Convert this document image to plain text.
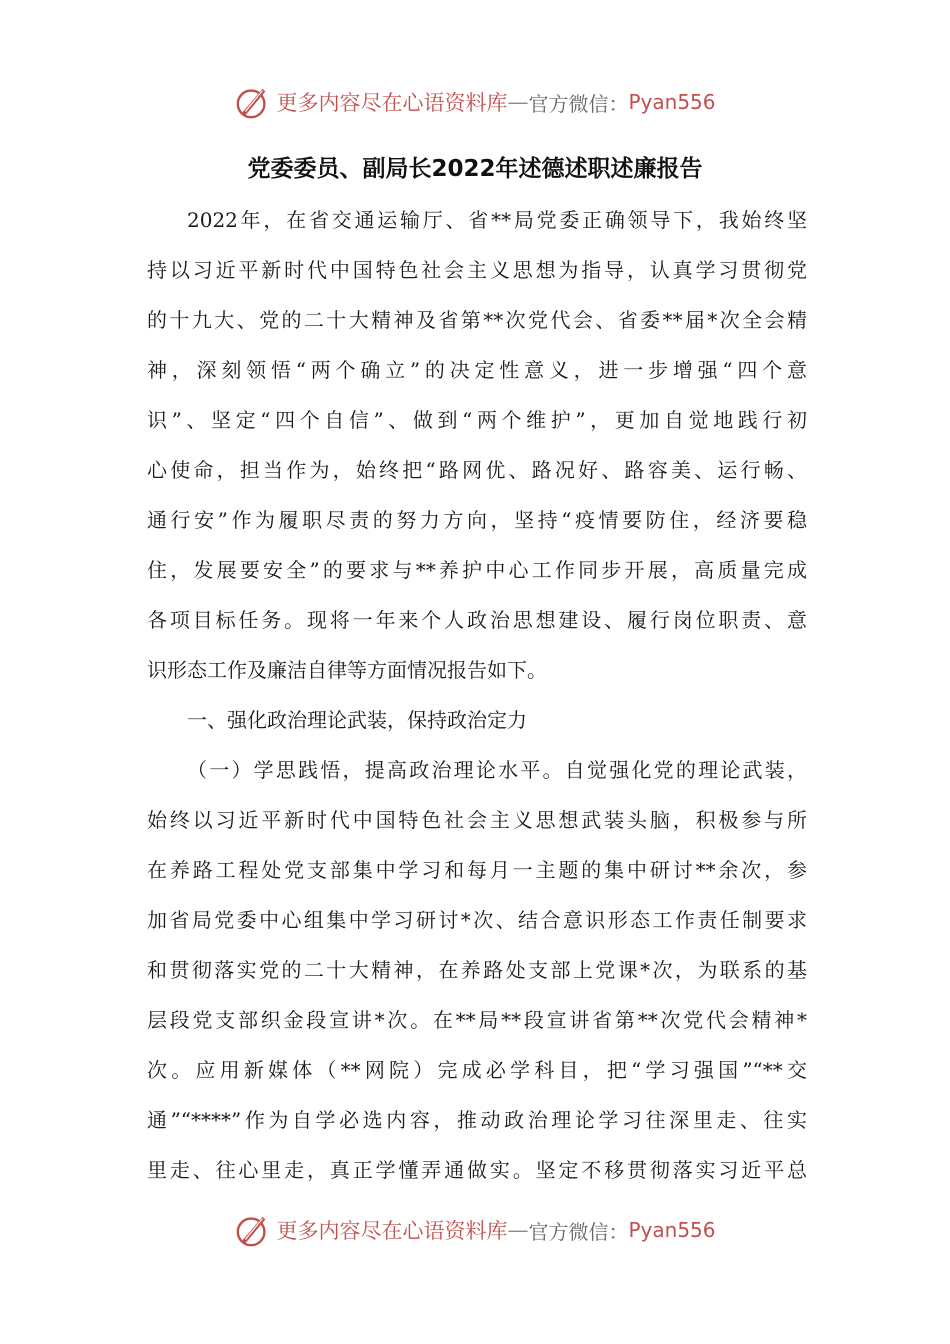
更多内容尽在心语资料库 — 官方微信： Pyan556
党委委员、副局长2022年述德述职述廉报告
2022年，在省交通运输厅、省**局党委正确领导下，我始终坚
持以习近平新时代中国特色社会主义思想为指导，认真学习贯彻党
的十九大、党的二十大精神及省第**次党代会、省委**届*次全会精
神，深刻领悟“两个确立”的决定性意义，进一步增强“四个意
识”、坚定“四个自信”、做到“两个维护”，更加自觉地践行初
心使命，担当作为，始终把“路网优、路况好、路容美、运行畅、
通行安”作为履职尽责的努力方向，坚持“疫情要防住，经济要稳
住，发展要安全”的要求与**养护中心工作同步开展，高质量完成
各项目标任务。现将一年来个人政治思想建设、履行岗位职责、意
识形态工作及廉洁自律等方面情况报告如下。
一、强化政治理论武装，保持政治定力
（一）学思践悟，提高政治理论水平。自觉强化党的理论武装，
始终以习近平新时代中国特色社会主义思想武装头脑，积极参与所
在养路工程处党支部集中学习和每月一主题的集中研讨**余次，参
加省局党委中心组集中学习研讨*次、结合意识形态工作责任制要求
和贯彻落实党的二十大精神，在养路处支部上党课*次，为联系的基
层段党支部织金段宣讲*次。在**局**段宣讲省第**次党代会精神*
次。应用新媒体（**网院）完成必学科目，把“学习强国”“**交
通”“****”作为自学必选内容，推动政治理论学习往深里走、往实
里走、往心里走，真正学懂弄通做实。坚定不移贯彻落实习近平总
更多内容尽在心语资料库 — 官方微信： Pyan556
